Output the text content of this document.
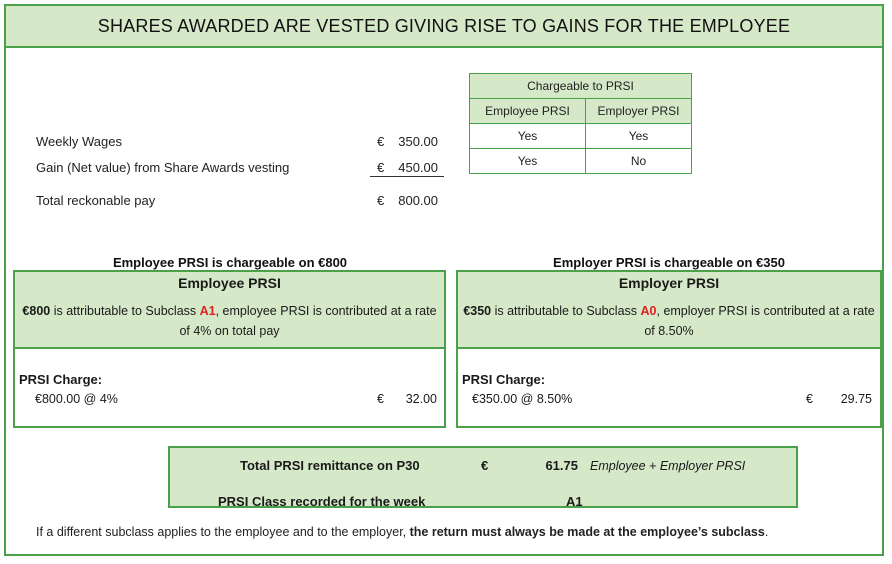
SHARES AWARDED ARE VESTED GIVING RISE TO GAINS FOR THE EMPLOYEE
Weekly Wages	€	350.00
Gain (Net value) from Share Awards vesting	€	450.00
Total reckonable pay	€	800.00
Chargeable to PRSI	
Employee PRSI	Employer PRSI
Yes	Yes
Yes	No
Employee PRSI is chargeable on €800	Employer PRSI is chargeable on €350
Employee PRSI
€800 is attributable to Subclass A1, employee PRSI is contributed at a rate of 4% on total pay
PRSI Charge:
€800.00 @ 4%	€	32.00
Employer PRSI
€350 is attributable to Subclass A0, employer PRSI is contributed at a rate of 8.50%
PRSI Charge:
€350.00 @ 8.50%	€	29.75
Total PRSI remittance on P30	€	61.75 Employee + Employer PRSI
PRSI Class recorded for the week	A1
If a different subclass applies to the employee and to the employer, the return must always be made at the employee’s subclass.
